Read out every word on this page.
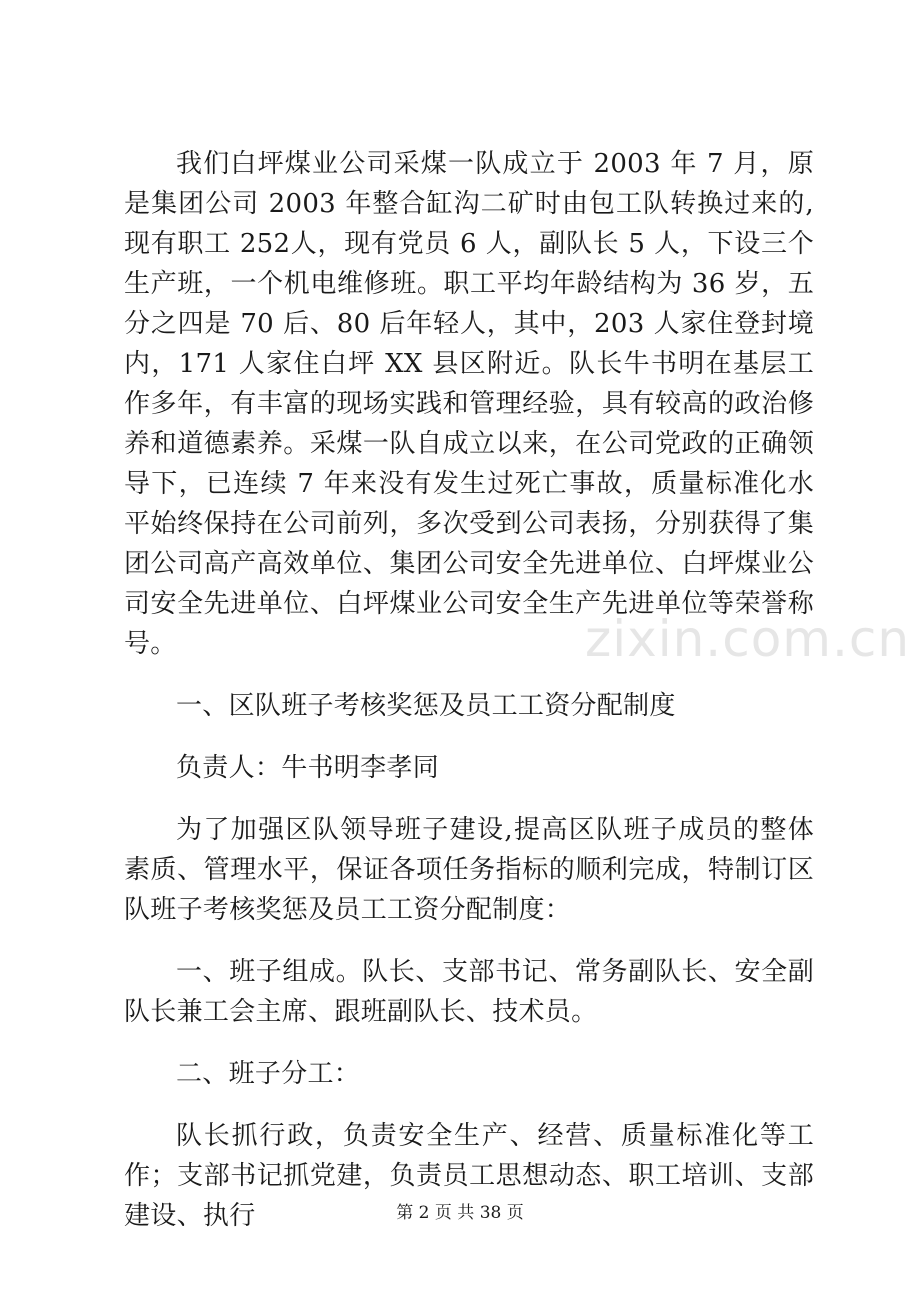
zixin.com.cn

我们白坪煤业公司采煤一队成立于 2003 年 7 月，原是集团公司 2003 年整合缸沟二矿时由包工队转换过来的,现有职工 252人，现有党员 6 人，副队长 5 人，下设三个生产班，一个机电维修班。职工平均年龄结构为 36 岁，五分之四是 70 后、80 后年轻人，其中，203 人家住登封境内，171 人家住白坪 XX 县区附近。队长牛书明在基层工作多年，有丰富的现场实践和管理经验，具有较高的政治修养和道德素养。采煤一队自成立以来，在公司党政的正确领导下，已连续 7 年来没有发生过死亡事故，质量标准化水平始终保持在公司前列，多次受到公司表扬，分别获得了集团公司高产高效单位、集团公司安全先进单位、白坪煤业公司安全先进单位、白坪煤业公司安全生产先进单位等荣誉称号。

一、区队班子考核奖惩及员工工资分配制度

负责人：牛书明李孝同

为了加强区队领导班子建设,提高区队班子成员的整体素质、管理水平，保证各项任务指标的顺利完成，特制订区队班子考核奖惩及员工工资分配制度：

一、班子组成。队长、支部书记、常务副队长、安全副队长兼工会主席、跟班副队长、技术员。

二、班子分工：

队长抓行政，负责安全生产、经营、质量标准化等工作；支部书记抓党建，负责员工思想动态、职工培训、支部建设、执行	第 2 页 共 38 页
